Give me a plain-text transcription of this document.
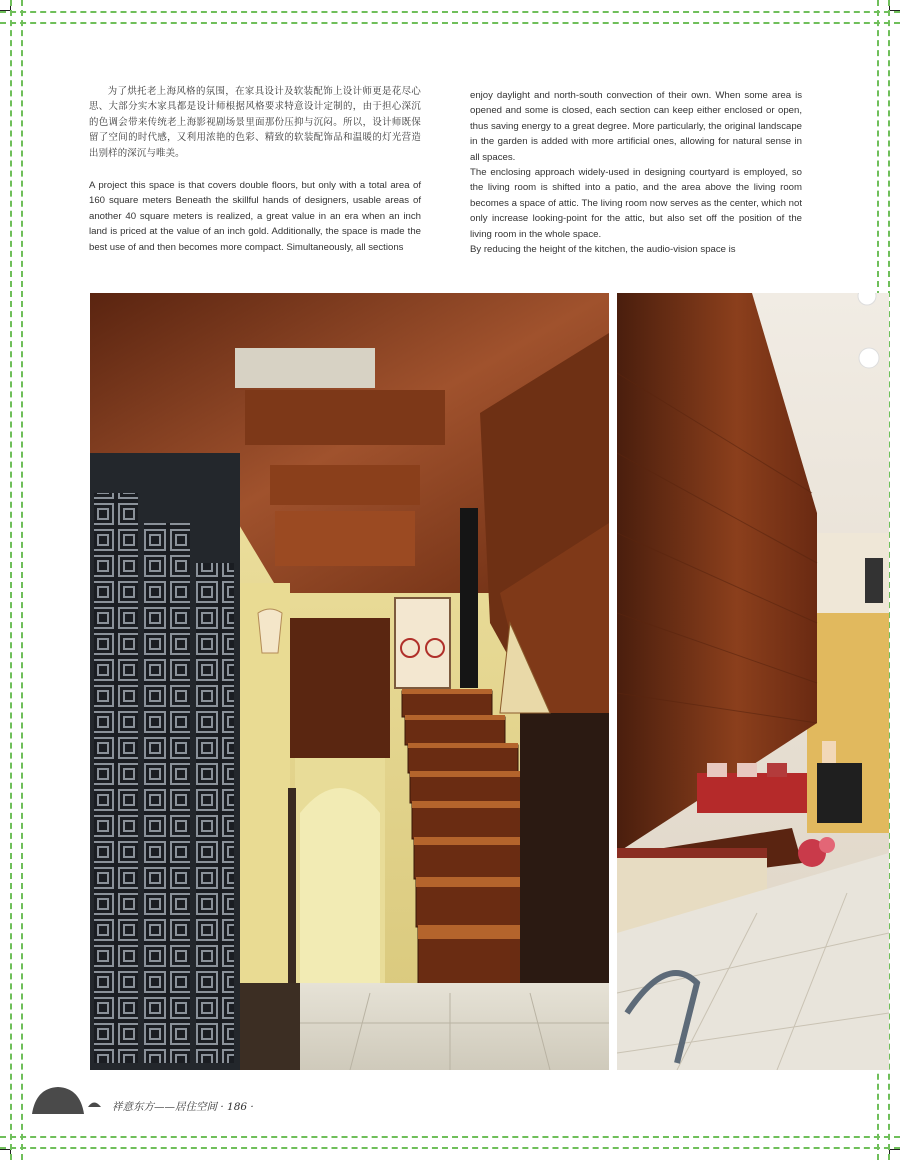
为了烘托老上海风格的氛围，在家具设计及软装配饰上设计师更是花尽心思、大部分实木家具都是设计师根据风格要求特意设计定制的，由于担心深沉的色调会带来传统老上海影视剧场景里面那份压抑与沉闷。所以，设计师既保留了空间的时代感，又利用浓艳的色彩、精致的软装配饰品和温暖的灯光营造出别样的深沉与唯美。

A project this space is that covers double floors, but only with a total area of 160 square meters Beneath the skillful hands of designers, usable areas of another 40 square meters is realized, a great value in an era when an inch land is priced at the value of an inch gold. Additionally, the space is made the best use of and then becomes more compact. Simultaneously, all sections

enjoy daylight and north-south convection of their own. When some area is opened and some is closed, each section can keep either enclosed or open, thus saving energy to a great degree. More particularly, the original landscape in the garden is added with more artificial ones, allowing for natural sense in all spaces.

The enclosing approach widely-used in designing courtyard is employed, so the living room is shifted into a patio, and the area above the living room becomes a space of attic. The living room now serves as the center, which not only increase looking-point for the attic, but also set off the position of the living room in the whole space.

By reducing the height of the kitchen, the audio-vision space is

祥意东方——居住空间 · 186 ·
